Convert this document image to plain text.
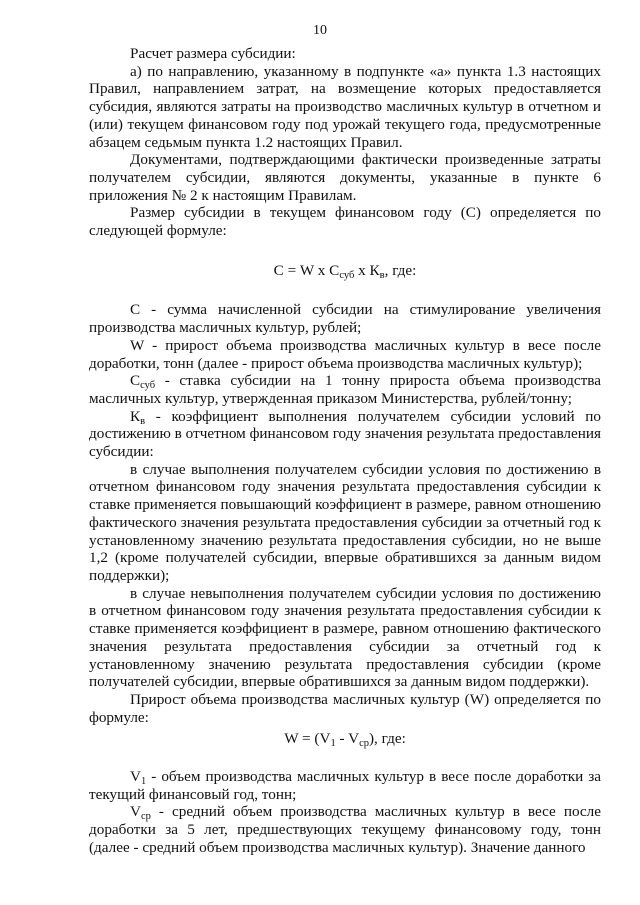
10

Расчет размера субсидии:

а) по направлению, указанному в подпункте «а» пункта 1.3 настоящих Правил, направлением затрат, на возмещение которых предоставляется субсидия, являются затраты на производство масличных культур в отчетном и (или) текущем финансовом году под урожай текущего года, предусмотренные абзацем седьмым пункта 1.2 настоящих Правил.

Документами, подтверждающими фактически произведенные затраты получателем субсидии, являются документы, указанные в пункте 6 приложения № 2 к настоящим Правилам.

Размер субсидии в текущем финансовом году (С) определяется по следующей формуле:

С = W x $С_{суб}$ x $К_в$, где:

С - сумма начисленной субсидии на стимулирование увеличения производства масличных культур, рублей;

W - прирост объема производства масличных культур в весе после доработки, тонн (далее - прирост объема производства масличных культур);

$С_{суб}$ - ставка субсидии на 1 тонну прироста объема производства масличных культур, утвержденная приказом Министерства, рублей/тонну;

$К_в$ - коэффициент выполнения получателем субсидии условий по достижению в отчетном финансовом году значения результата предоставления субсидии:

в случае выполнения получателем субсидии условия по достижению в отчетном финансовом году значения результата предоставления субсидии к ставке применяется повышающий коэффициент в размере, равном отношению фактического значения результата предоставления субсидии за отчетный год к установленному значению результата предоставления субсидии, но не выше 1,2 (кроме получателей субсидии, впервые обратившихся за данным видом поддержки);

в случае невыполнения получателем субсидии условия по достижению в отчетном финансовом году значения результата предоставления субсидии к ставке применяется коэффициент в размере, равном отношению фактического значения результата предоставления субсидии за отчетный год к установленному значению результата предоставления субсидии (кроме получателей субсидии, впервые обратившихся за данным видом поддержки).

Прирост объема производства масличных культур (W) определяется по формуле:

$W = (V_1 - V_{ср})$, где:

$V_1$ - объем производства масличных культур в весе после доработки за текущий финансовый год, тонн;

$V_{ср}$ - средний объем производства масличных культур в весе после доработки за 5 лет, предшествующих текущему финансовому году, тонн (далее - средний объем производства масличных культур). Значение данного
